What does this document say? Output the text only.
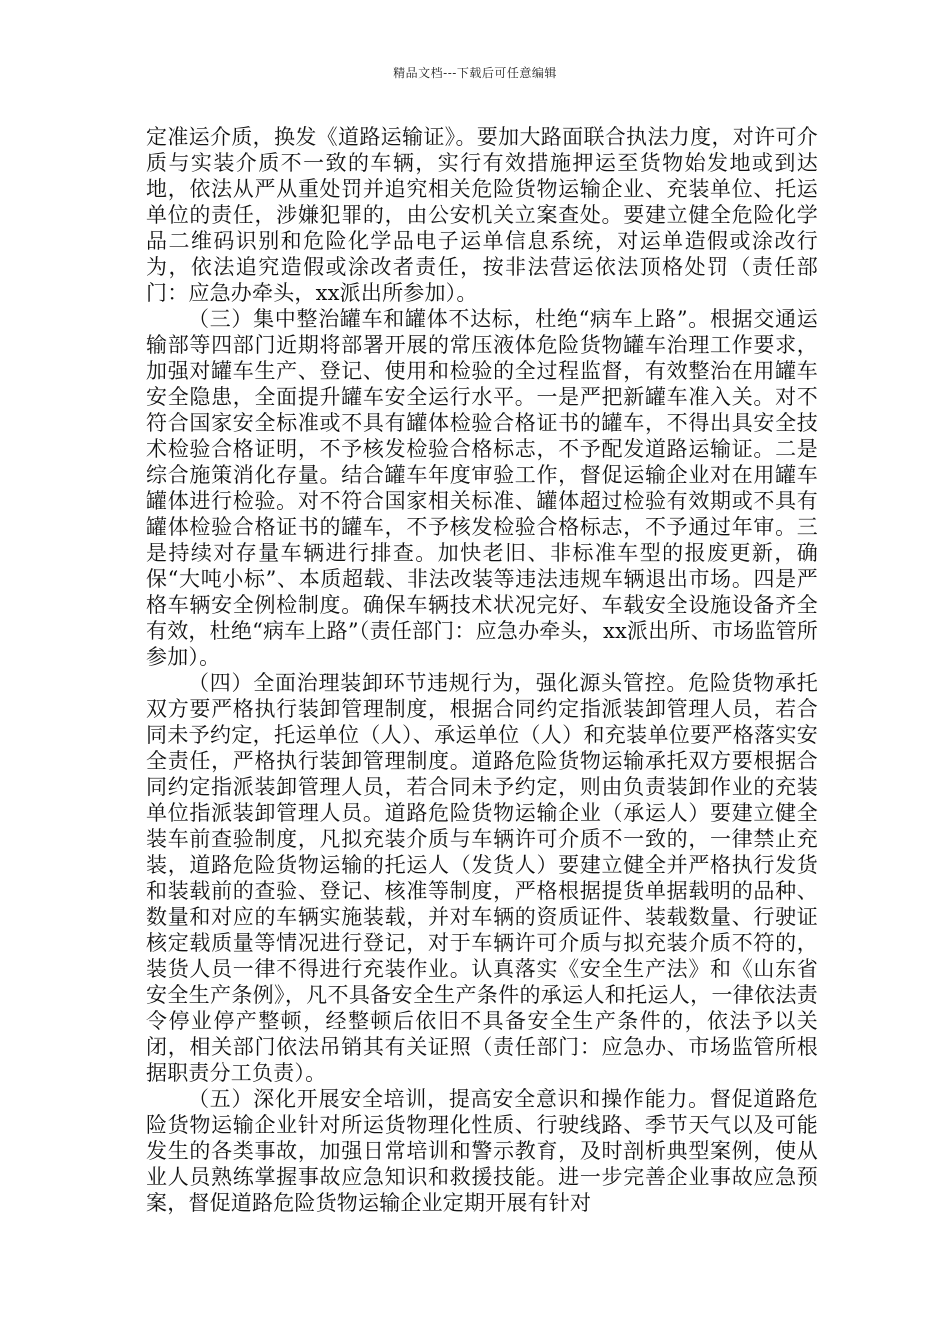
精品文档---下载后可任意编辑

定准运介质，换发《道路运输证》。要加大路面联合执法力度，对许可介质与实装介质不一致的车辆，实行有效措施押运至货物始发地或到达地，依法从严从重处罚并追究相关危险货物运输企业、充装单位、托运单位的责任，涉嫌犯罪的，由公安机关立案查处。要建立健全危险化学品二维码识别和危险化学品电子运单信息系统，对运单造假或涂改行为，依法追究造假或涂改者责任，按非法营运依法顶格处罚（责任部门：应急办牵头，xx派出所参加）。

（三）集中整治罐车和罐体不达标，杜绝“病车上路”。根据交通运输部等四部门近期将部署开展的常压液体危险货物罐车治理工作要求，加强对罐车生产、登记、使用和检验的全过程监督，有效整治在用罐车安全隐患，全面提升罐车安全运行水平。一是严把新罐车准入关。对不符合国家安全标准或不具有罐体检验合格证书的罐车，不得出具安全技术检验合格证明，不予核发检验合格标志，不予配发道路运输证。二是综合施策消化存量。结合罐车年度审验工作，督促运输企业对在用罐车罐体进行检验。对不符合国家相关标准、罐体超过检验有效期或不具有罐体检验合格证书的罐车，不予核发检验合格标志，不予通过年审。三是持续对存量车辆进行排查。加快老旧、非标准车型的报废更新，确保“大吨小标”、本质超载、非法改装等违法违规车辆退出市场。四是严格车辆安全例检制度。确保车辆技术状况完好、车载安全设施设备齐全有效，杜绝“病车上路”（责任部门：应急办牵头，xx派出所、市场监管所参加）。

（四）全面治理装卸环节违规行为，强化源头管控。危险货物承托双方要严格执行装卸管理制度，根据合同约定指派装卸管理人员，若合同未予约定，托运单位（人）、承运单位（人）和充装单位要严格落实安全责任，严格执行装卸管理制度。道路危险货物运输承托双方要根据合同约定指派装卸管理人员，若合同未予约定，则由负责装卸作业的充装单位指派装卸管理人员。道路危险货物运输企业（承运人）要建立健全装车前查验制度，凡拟充装介质与车辆许可介质不一致的，一律禁止充装，道路危险货物运输的托运人（发货人）要建立健全并严格执行发货和装载前的查验、登记、核准等制度，严格根据提货单据载明的品种、数量和对应的车辆实施装载，并对车辆的资质证件、装载数量、行驶证核定载质量等情况进行登记，对于车辆许可介质与拟充装介质不符的，装货人员一律不得进行充装作业。认真落实《安全生产法》和《山东省安全生产条例》，凡不具备安全生产条件的承运人和托运人，一律依法责令停业停产整顿，经整顿后依旧不具备安全生产条件的，依法予以关闭，相关部门依法吊销其有关证照（责任部门：应急办、市场监管所根据职责分工负责）。

（五）深化开展安全培训，提高安全意识和操作能力。督促道路危险货物运输企业针对所运货物理化性质、行驶线路、季节天气以及可能发生的各类事故，加强日常培训和警示教育，及时剖析典型案例，使从业人员熟练掌握事故应急知识和救援技能。进一步完善企业事故应急预案，督促道路危险货物运输企业定期开展有针对
